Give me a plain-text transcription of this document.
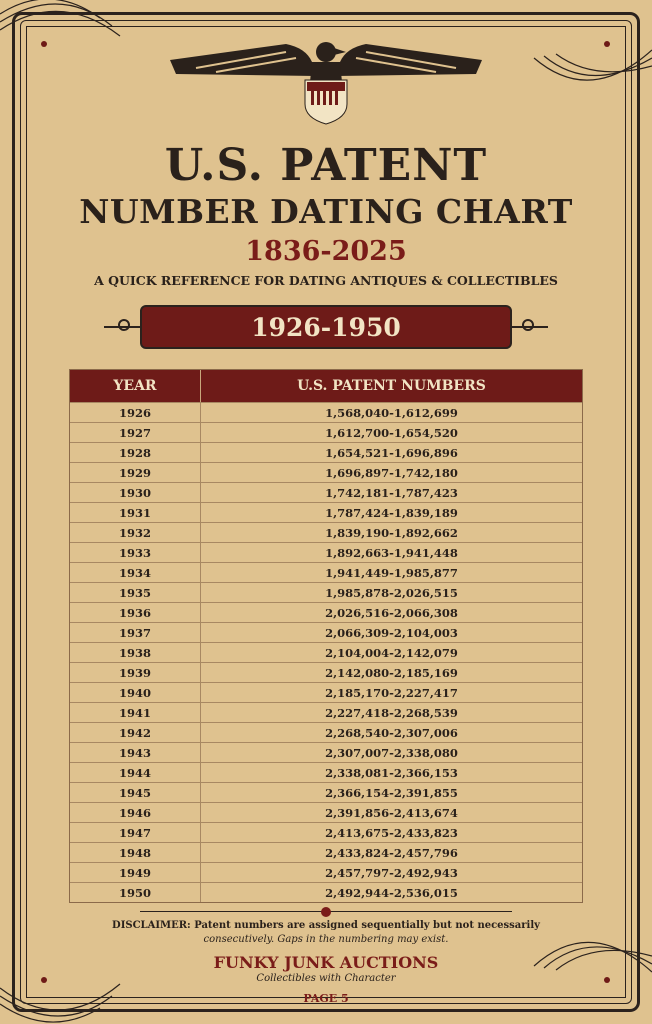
U.S. PATENT
NUMBER DATING CHART
1836-2025
A QUICK REFERENCE FOR DATING ANTIQUES & COLLECTIBLES
1926-1950
YEAR	U.S. PATENT NUMBERS
1926	1,568,040-1,612,699
1927	1,612,700-1,654,520
1928	1,654,521-1,696,896
1929	1,696,897-1,742,180
1930	1,742,181-1,787,423
1931	1,787,424-1,839,189
1932	1,839,190-1,892,662
1933	1,892,663-1,941,448
1934	1,941,449-1,985,877
1935	1,985,878-2,026,515
1936	2,026,516-2,066,308
1937	2,066,309-2,104,003
1938	2,104,004-2,142,079
1939	2,142,080-2,185,169
1940	2,185,170-2,227,417
1941	2,227,418-2,268,539
1942	2,268,540-2,307,006
1943	2,307,007-2,338,080
1944	2,338,081-2,366,153
1945	2,366,154-2,391,855
1946	2,391,856-2,413,674
1947	2,413,675-2,433,823
1948	2,433,824-2,457,796
1949	2,457,797-2,492,943
1950	2,492,944-2,536,015
DISCLAIMER: Patent numbers are assigned sequentially but not necessarily
consecutively. Gaps in the numbering may exist.
FUNKY JUNK AUCTIONS
Collectibles with Character
PAGE 5
